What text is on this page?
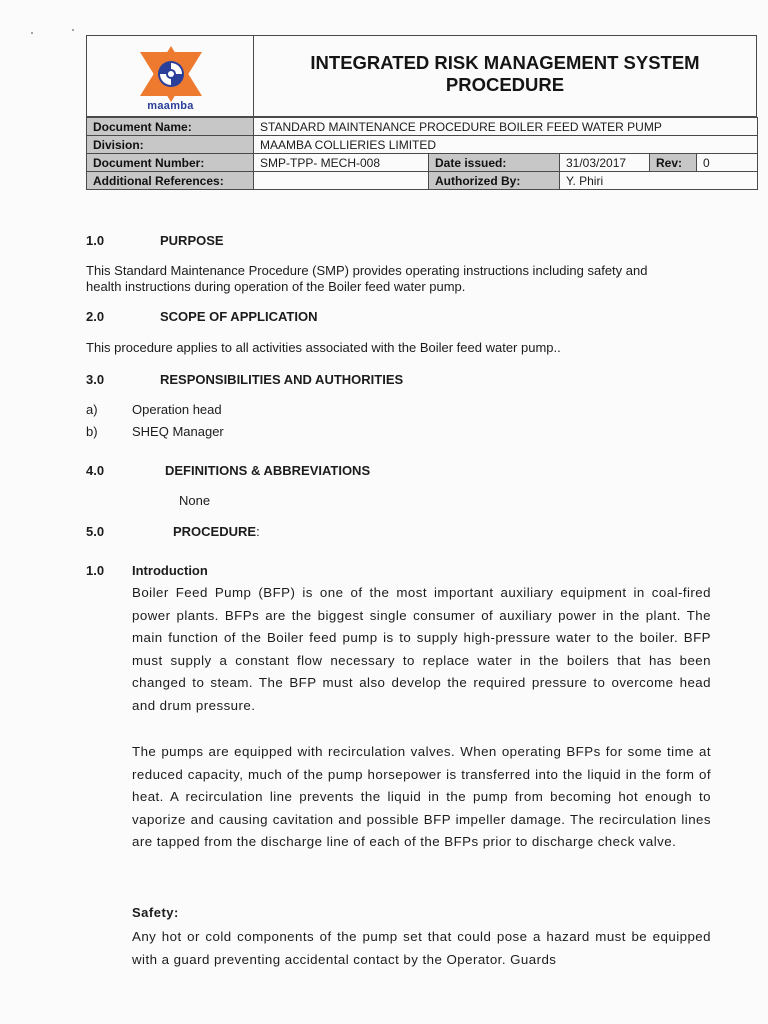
maamba
INTEGRATED RISK MANAGEMENT SYSTEM
PROCEDURE
Document Name:	STANDARD MAINTENANCE PROCEDURE BOILER FEED WATER PUMP				
Division:	MAAMBA COLLIERIES LIMITED				
Document Number:	SMP-TPP- MECH-008	Date issued:	31/03/2017	Rev:	0
Additional References:		Authorized By:	Y. Phiri		
1.0	PURPOSE
This Standard Maintenance Procedure (SMP) provides operating instructions including safety and
health instructions during operation of the Boiler feed water pump.
2.0	SCOPE OF APPLICATION
This procedure applies to all activities associated with the Boiler feed water pump..
3.0	RESPONSIBILITIES AND AUTHORITIES
a)	Operation head
b)	SHEQ Manager
4.0	DEFINITIONS & ABBREVIATIONS
None
5.0	PROCEDURE:
1.0 Introduction
Boiler Feed Pump (BFP) is one of the most important auxiliary equipment in coal-fired power plants. BFPs are the biggest single consumer of auxiliary power in the plant. The main function of the Boiler feed pump is to supply high-pressure water to the boiler. BFP must supply a constant flow necessary to replace water in the boilers that has been changed to steam. The BFP must also develop the required pressure to overcome head and drum pressure.
The pumps are equipped with recirculation valves. When operating BFPs for some time at reduced capacity, much of the pump horsepower is transferred into the liquid in the form of heat. A recirculation line prevents the liquid in the pump from becoming hot enough to vaporize and causing cavitation and possible BFP impeller damage. The recirculation lines are tapped from the discharge line of each of the BFPs prior to discharge check valve.
Safety:
Any hot or cold components of the pump set that could pose a hazard must be equipped with a guard preventing accidental contact by the Operator. Guards
